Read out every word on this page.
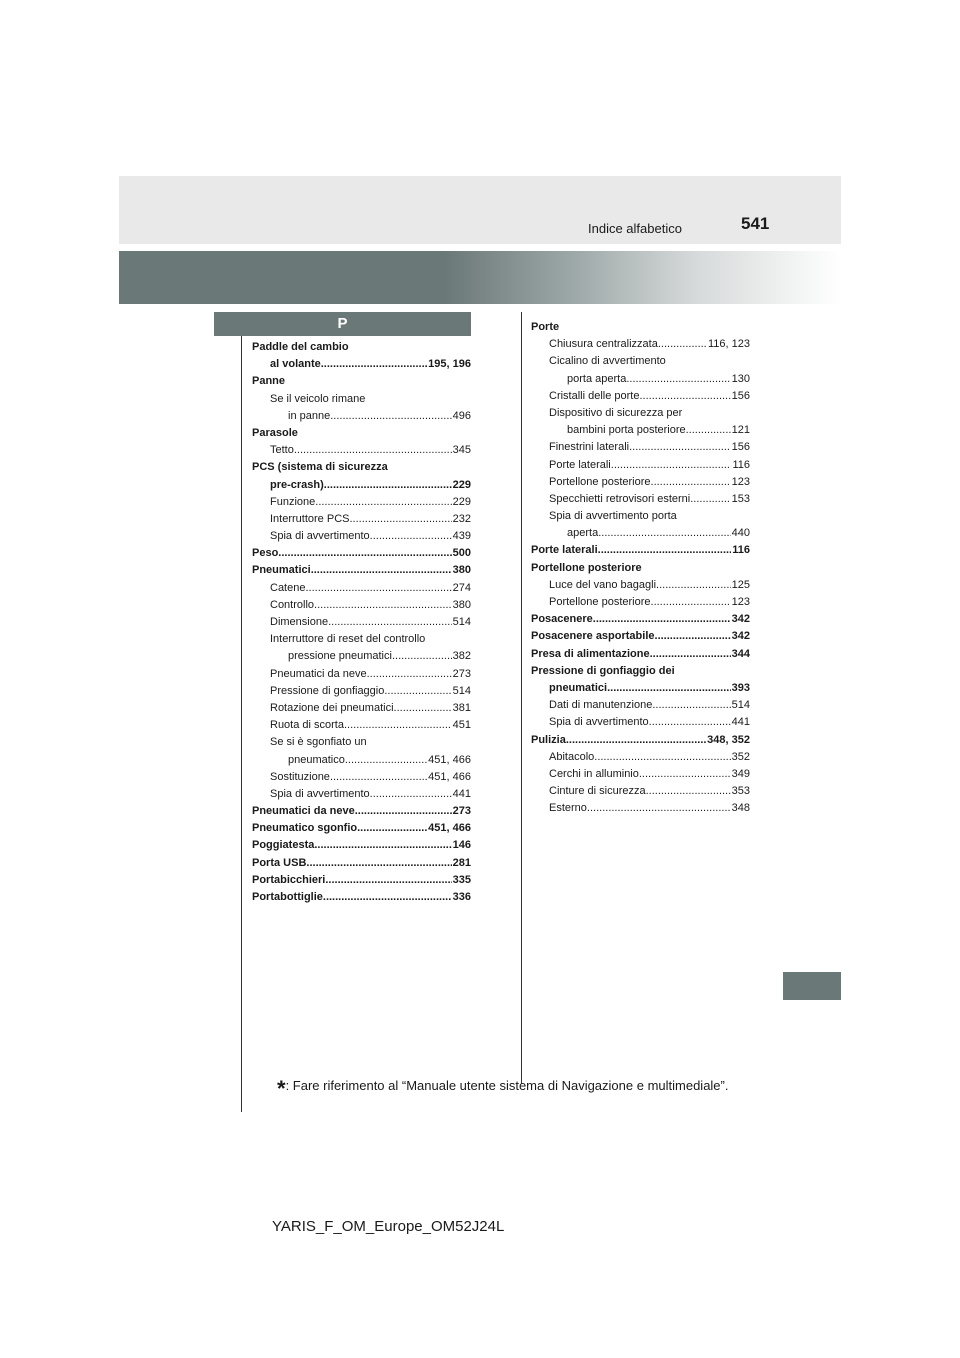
541
Indice alfabetico
P
Paddle del cambio
al volante .....	195, 196
Panne
Se il veicolo rimane
in panne .....	496
Parasole
Tetto .....	345
PCS (sistema di sicurezza
pre-crash) .....	229
Funzione .....	229
Interruttore PCS .....	232
Spia di avvertimento .....	439
Peso .....	500
Pneumatici .....	380
Catene .....	274
Controllo .....	380
Dimensione .....	514
Interruttore di reset del controllo
pressione pneumatici .....	382
Pneumatici da neve .....	273
Pressione di gonfiaggio .....	514
Rotazione dei pneumatici .....	381
Ruota di scorta .....	451
Se si è sgonfiato un
pneumatico .....	451, 466
Sostituzione .....	451, 466
Spia di avvertimento .....	441
Pneumatici da neve .....	273
Pneumatico sgonfio .....	451, 466
Poggiatesta .....	146
Porta USB .....	281
Portabicchieri .....	335
Portabottiglie .....	336
Porte
Chiusura centralizzata .....	116, 123
Cicalino di avvertimento
porta aperta .....	130
Cristalli delle porte .....	156
Dispositivo di sicurezza per
bambini porta posteriore .....	121
Finestrini laterali .....	156
Porte laterali .....	116
Portellone posteriore .....	123
Specchietti retrovisori esterni .....	153
Spia di avvertimento porta
aperta .....	440
Porte laterali .....	116
Portellone posteriore
Luce del vano bagagli .....	125
Portellone posteriore .....	123
Posacenere .....	342
Posacenere asportabile .....	342
Presa di alimentazione .....	344
Pressione di gonfiaggio dei
pneumatici .....	393
Dati di manutenzione .....	514
Spia di avvertimento .....	441
Pulizia .....	348, 352
Abitacolo .....	352
Cerchi in alluminio .....	349
Cinture di sicurezza .....	353
Esterno .....	348
*: Fare riferimento al “Manuale utente sistema di Navigazione e multimediale”.
YARIS_F_OM_Europe_OM52J24L
